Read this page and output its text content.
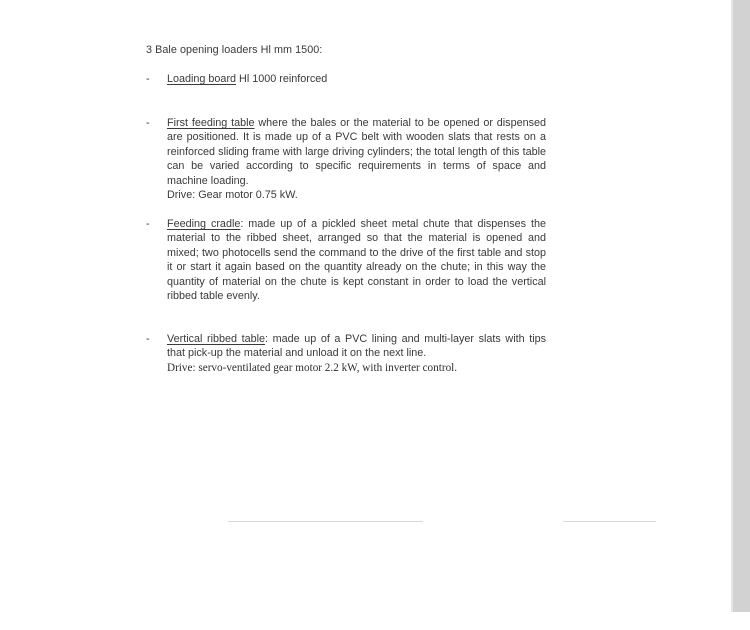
3 Bale opening loaders Hl mm 1500:
-	Loading board Hl 1000 reinforced
-	First feeding table where the bales or the material to be opened or dispensed are positioned. It is made up of a PVC belt with wooden slats that rests on a reinforced sliding frame with large driving cylinders; the total length of this table can be varied according to specific requirements in terms of space and machine loading.
Drive: Gear motor 0.75 kW.
-	Feeding cradle: made up of a pickled sheet metal chute that dispenses the material to the ribbed sheet, arranged so that the material is opened and mixed; two photocells send the command to the drive of the first table and stop it or start it again based on the quantity already on the chute; in this way the quantity of material on the chute is kept constant in order to load the vertical ribbed table evenly.
-	Vertical ribbed table: made up of a PVC lining and multi-layer slats with tips that pick-up the material and unload it on the next line.
Drive: servo-ventilated gear motor 2.2 kW, with inverter control.
